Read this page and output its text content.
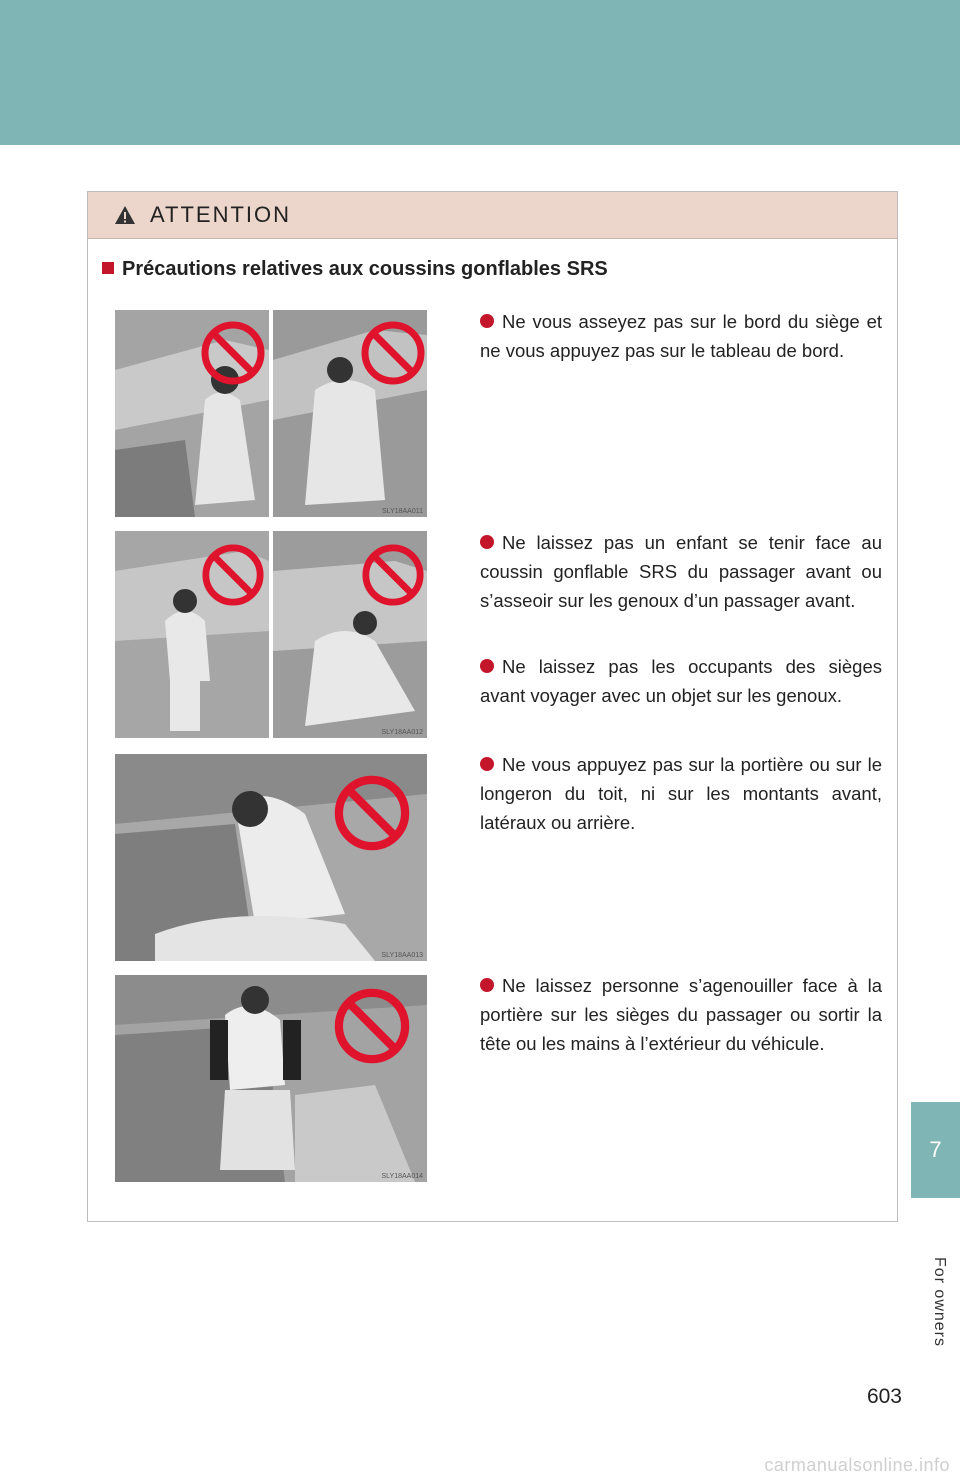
7
For owners
ATTENTION
Précautions relatives aux coussins gonflables SRS
SLY18AA011
SLY18AA012
SLY18AA013
SLY18AA014

Ne vous asseyez pas sur le bord du siège et ne vous appuyez pas sur le tableau de bord.

Ne laissez pas un enfant se tenir face au coussin gonflable SRS du passager avant ou s’asseoir sur les genoux d’un passager avant.

Ne laissez pas les occupants des sièges avant voyager avec un objet sur les genoux.

Ne vous appuyez pas sur la portière ou sur le longeron du toit, ni sur les montants avant, latéraux ou arrière.

Ne laissez personne s’agenouiller face à la portière sur les sièges du passager ou sortir la tête ou les mains à l’extérieur du véhicule.

603
carmanualsonline.info
